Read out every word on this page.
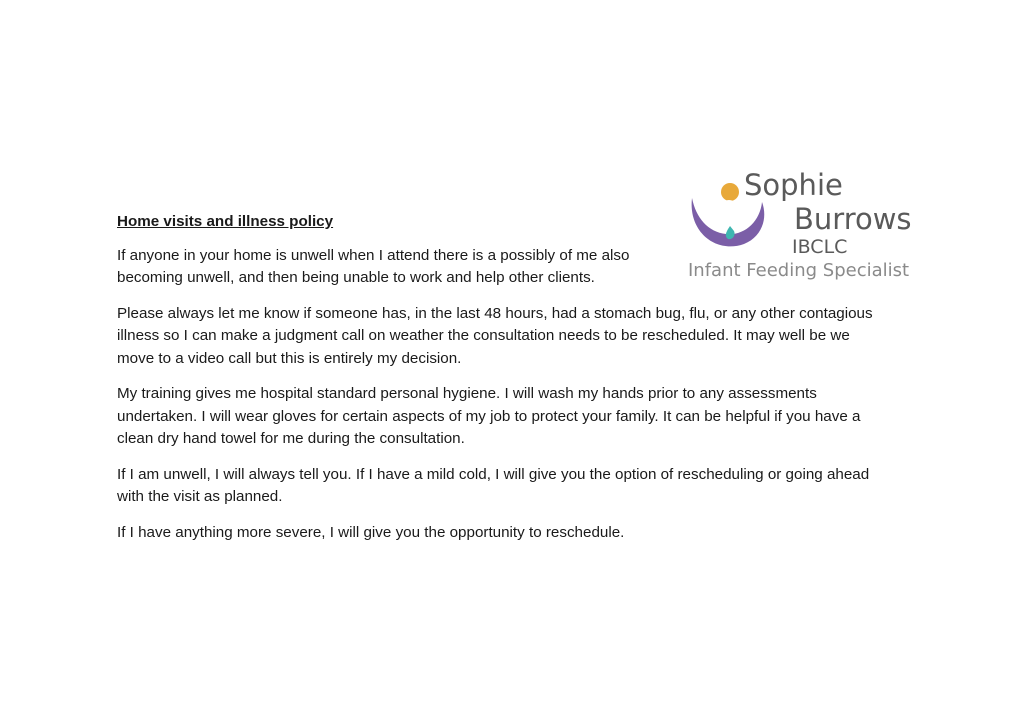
Sophie
Burrows
IBCLC
Infant Feeding Specialist
Home visits and illness policy

If anyone in your home is unwell when I attend there is a possibly of me also becoming unwell, and then being unable to work and help other clients.

Please always let me know if someone has, in the last 48 hours, had a stomach bug, flu, or any other contagious illness so I can make a judgment call on weather the consultation needs to be rescheduled. It may well be we move to a video call but this is entirely my decision.

My training gives me hospital standard personal hygiene. I will wash my hands prior to any assessments undertaken. I will wear gloves for certain aspects of my job to protect your family. It can be helpful if you have a clean dry hand towel for me during the consultation.

If I am unwell, I will always tell you. If I have a mild cold, I will give you the option of rescheduling or going ahead with the visit as planned.

If I have anything more severe, I will give you the opportunity to reschedule.
